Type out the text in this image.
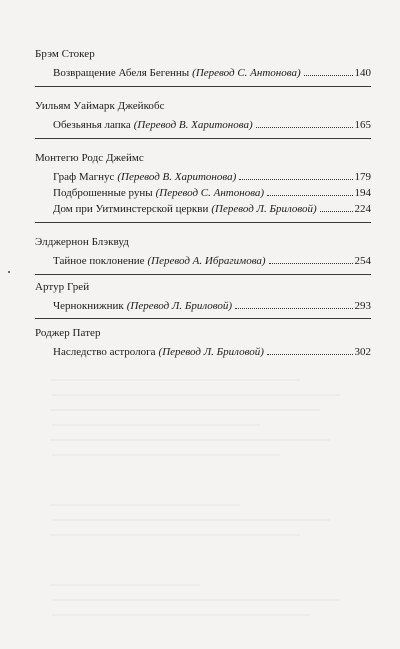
Брэм Стокер
Возвращение Абеля Бегенны (Перевод С. Антонова)	140
Уильям Уаймарк Джейкобс
Обезьянья лапка (Перевод В. Харитонова)	165
Монтегю Родс Джеймс
Граф Магнус (Перевод В. Харитонова)	179
Подброшенные руны (Перевод С. Антонова)	194
Дом при Уитминстерской церкви (Перевод Л. Бриловой)	224
Элджернон Блэквуд
Тайное поклонение (Перевод А. Ибрагимова)	254
Артур Грей
Чернокнижник (Перевод Л. Бриловой)	293
Роджер Патер
Наследство астролога (Перевод Л. Бриловой)	302
